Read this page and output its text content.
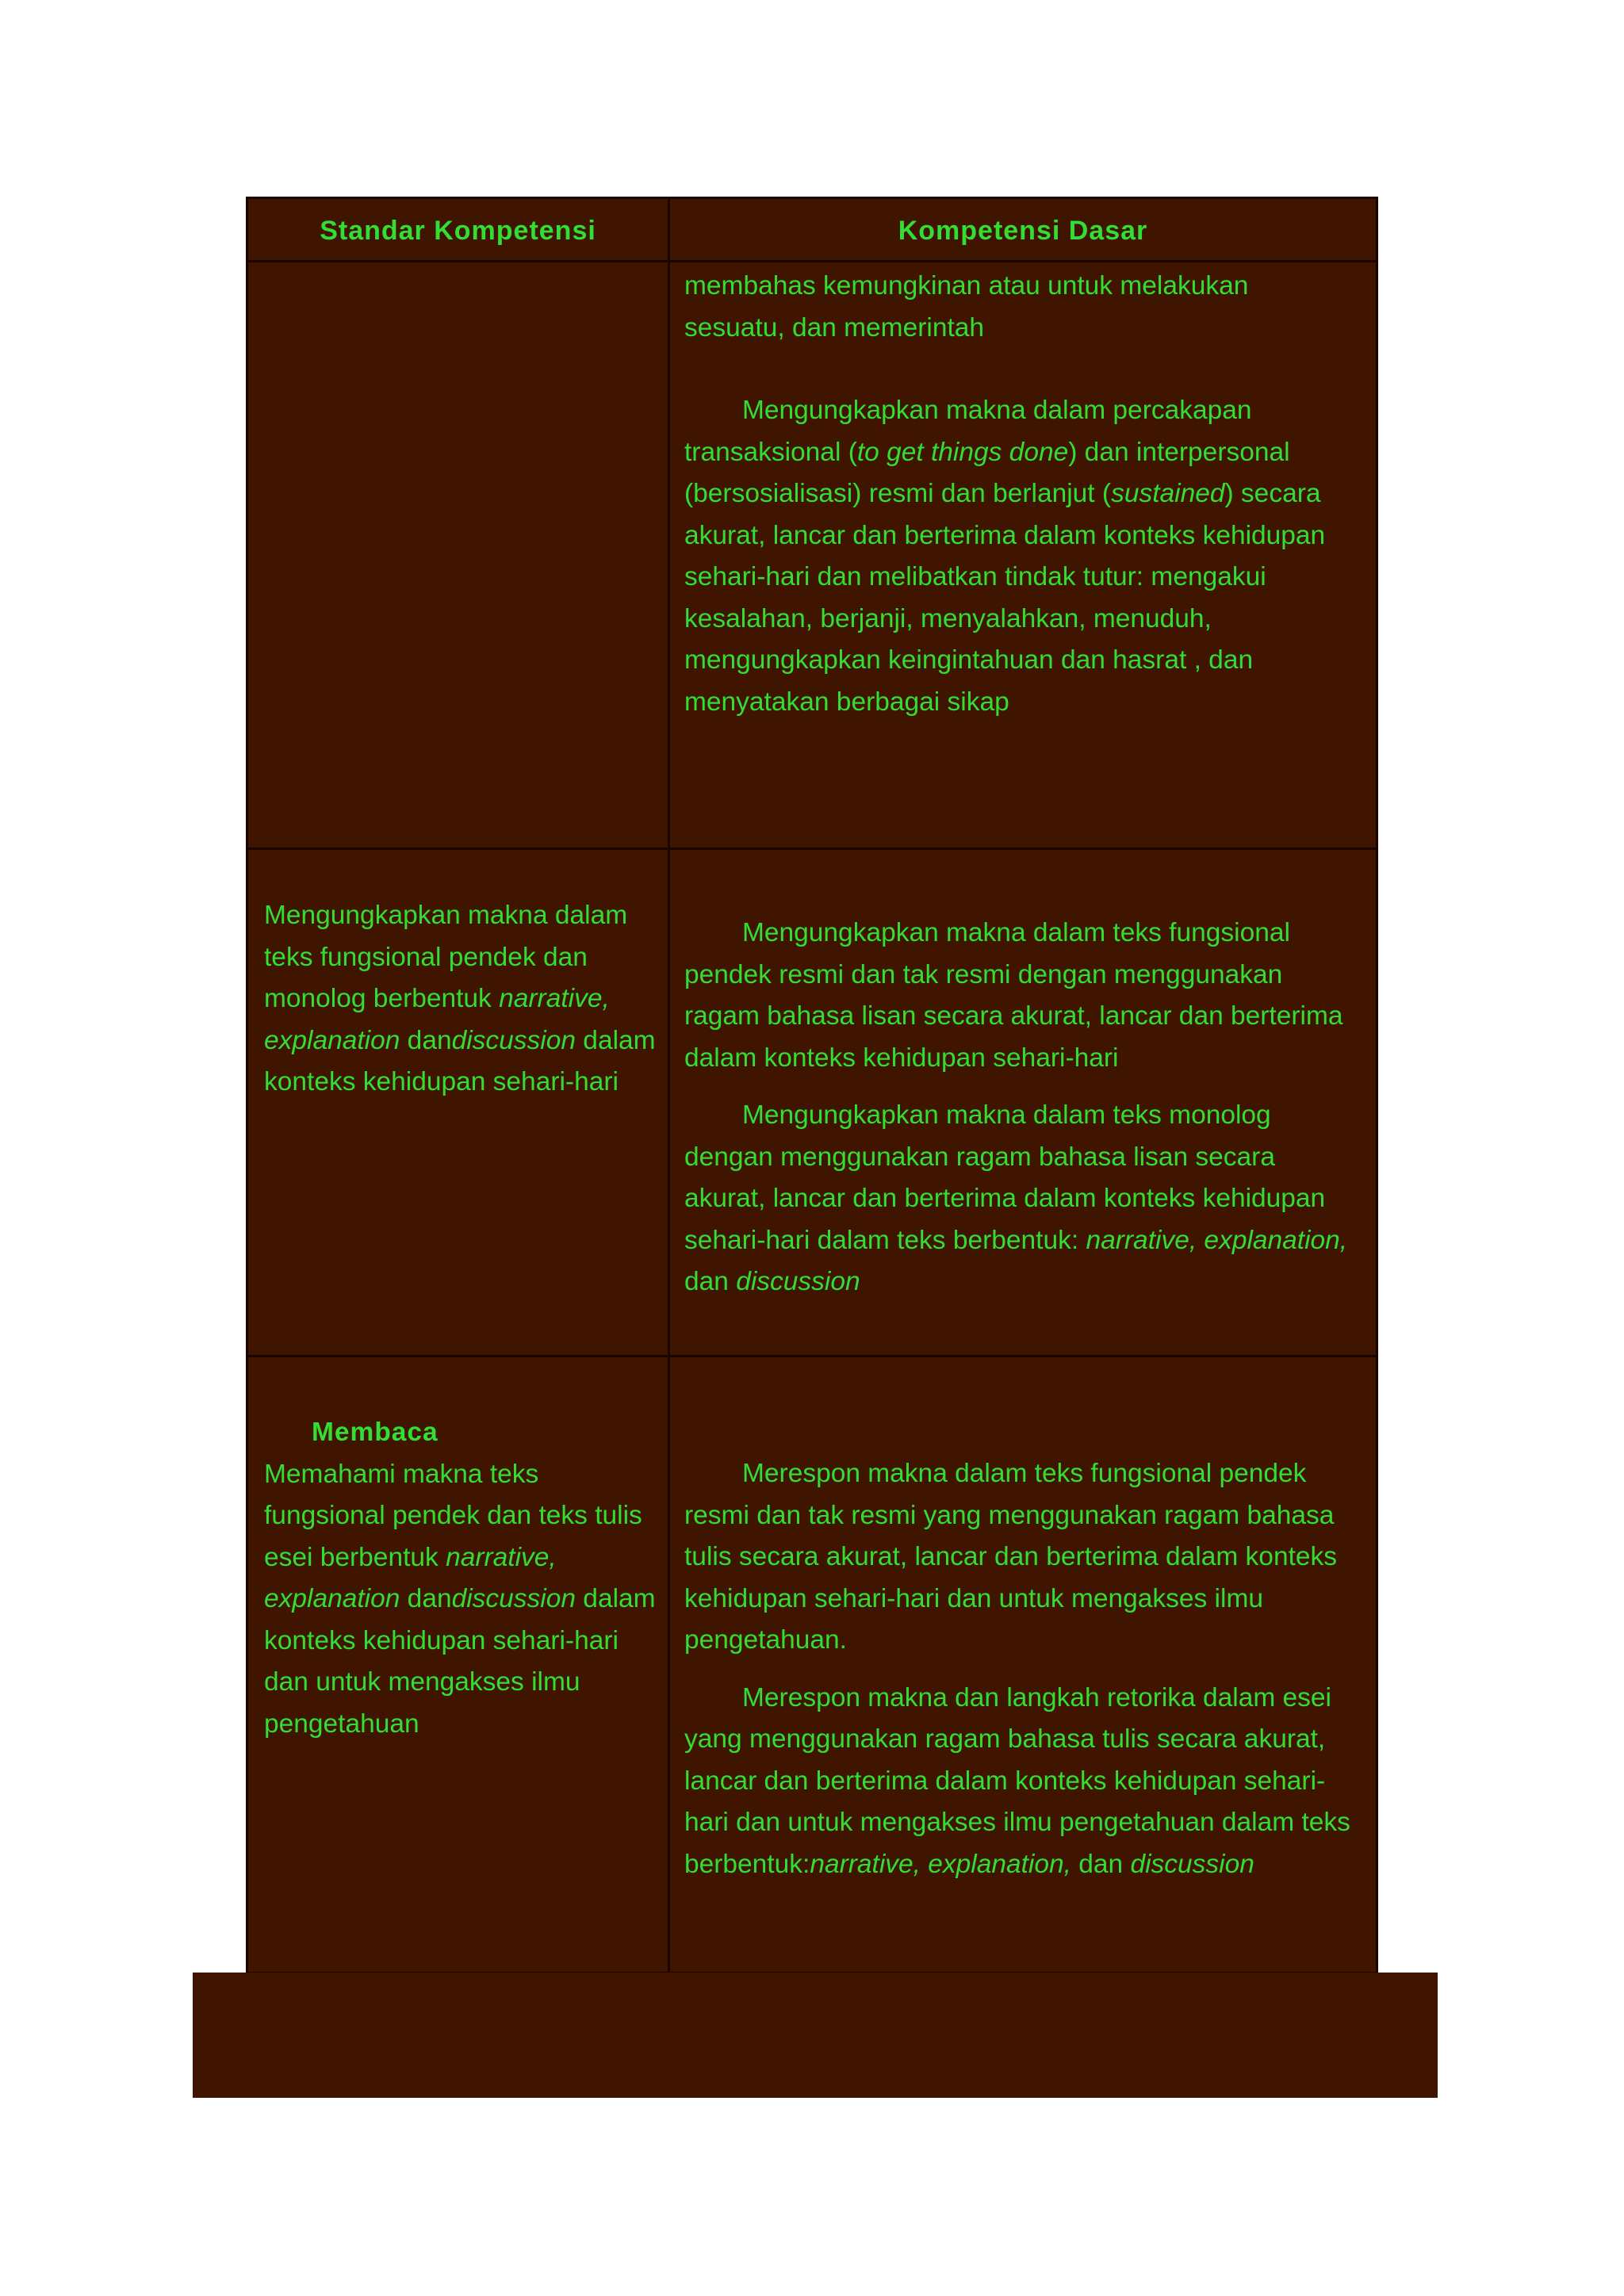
Standar Kompetensi	Kompetensi Dasar

membahas kemungkinan atau untuk melakukan sesuatu, dan memerintah

Mengungkapkan makna dalam percakapan transaksional (to get things done) dan interpersonal (bersosialisasi) resmi dan berlanjut (sustained) secara akurat, lancar dan berterima dalam konteks kehidupan sehari-hari dan melibatkan tindak tutur: mengakui kesalahan, berjanji, menyalahkan, menuduh, mengungkapkan keingintahuan dan hasrat , dan menyatakan berbagai sikap

Mengungkapkan makna dalam teks fungsional pendek dan monolog berbentuk narrative, explanation dandiscussion dalam konteks kehidupan sehari-hari

Mengungkapkan makna dalam teks fungsional pendek resmi dan tak resmi dengan menggunakan ragam bahasa lisan secara akurat, lancar dan berterima dalam konteks kehidupan sehari-hari

Mengungkapkan makna dalam teks monolog dengan menggunakan ragam bahasa lisan secara akurat, lancar dan berterima dalam konteks kehidupan sehari-hari dalam teks berbentuk: narrative, explanation, dan discussion

Membaca

Memahami makna teks fungsional pendek dan teks tulis esei berbentuk narrative, explanation dandiscussion dalam konteks kehidupan sehari-hari dan untuk mengakses ilmu pengetahuan

Merespon makna dalam teks fungsional pendek resmi dan tak resmi yang menggunakan ragam bahasa tulis secara akurat, lancar dan berterima dalam konteks kehidupan sehari-hari dan untuk mengakses ilmu pengetahuan.

Merespon makna dan langkah retorika dalam esei yang menggunakan ragam bahasa tulis secara akurat, lancar dan berterima dalam konteks kehidupan sehari-hari dan untuk mengakses ilmu pengetahuan dalam teks berbentuk:narrative, explanation, dan discussion
